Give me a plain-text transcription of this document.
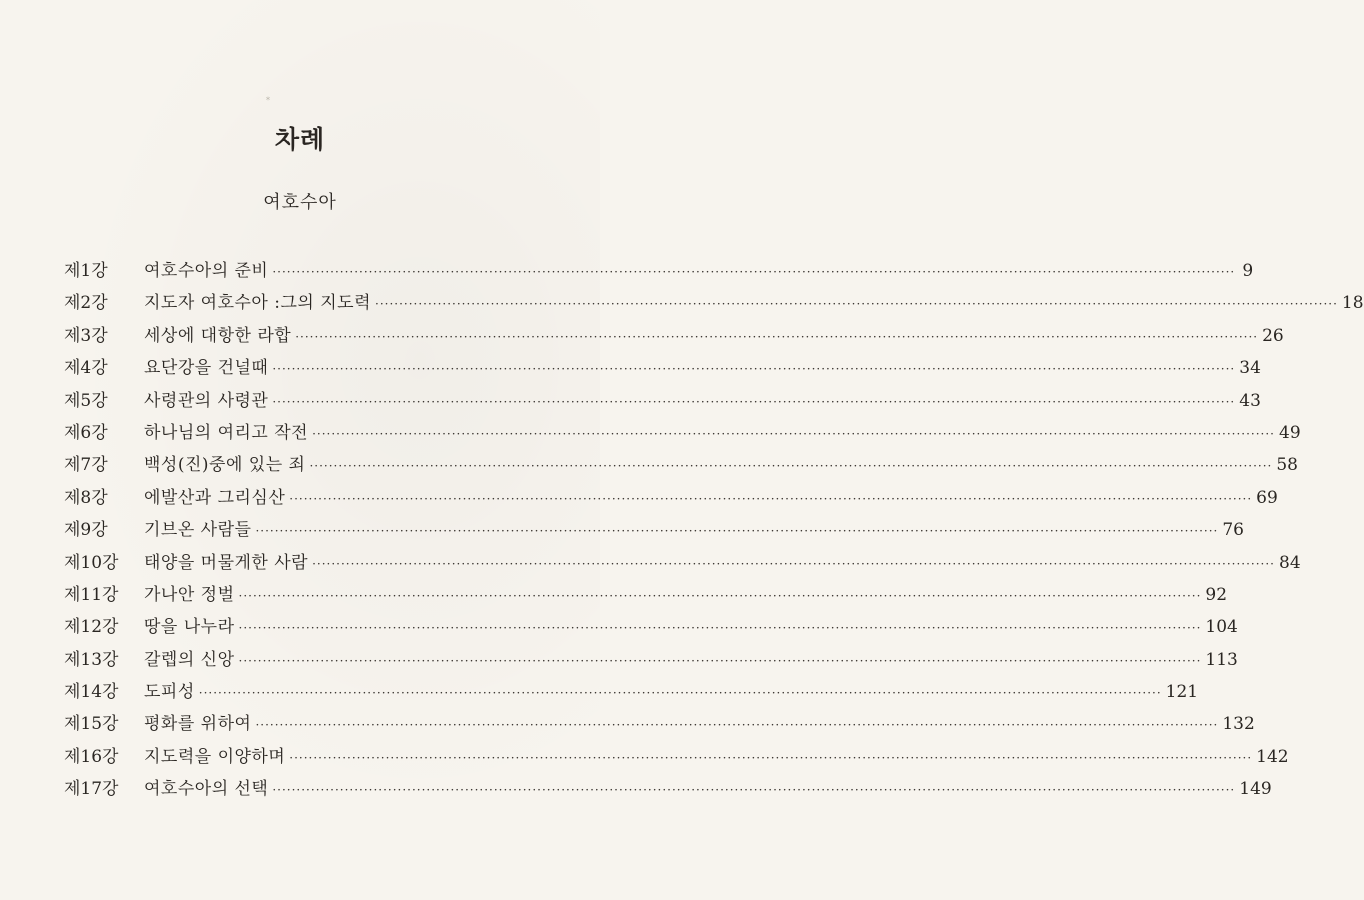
*
차례
여호수아
제1강	여호수아의 준비 ········································································································································································································ 9
제2강	지도자 여호수아 :그의 지도력 ········································································································································································································ 18
제3강	세상에 대항한 라합 ········································································································································································································ 26
제4강	요단강을 건널때 ········································································································································································································ 34
제5강	사령관의 사령관 ········································································································································································································ 43
제6강	하나님의 여리고 작전 ········································································································································································································ 49
제7강	백성(진)중에 있는 죄 ········································································································································································································ 58
제8강	에발산과 그리심산 ········································································································································································································ 69
제9강	기브온 사람들 ········································································································································································································ 76
제10강	태양을 머물게한 사람 ········································································································································································································ 84
제11강	가나안 정벌 ········································································································································································································ 92
제12강	땅을 나누라 ········································································································································································································ 104
제13강	갈렙의 신앙 ········································································································································································································ 113
제14강	도피성 ········································································································································································································ 121
제15강	평화를 위하여 ········································································································································································································ 132
제16강	지도력을 이양하며 ········································································································································································································ 142
제17강	여호수아의 선택 ········································································································································································································ 149
